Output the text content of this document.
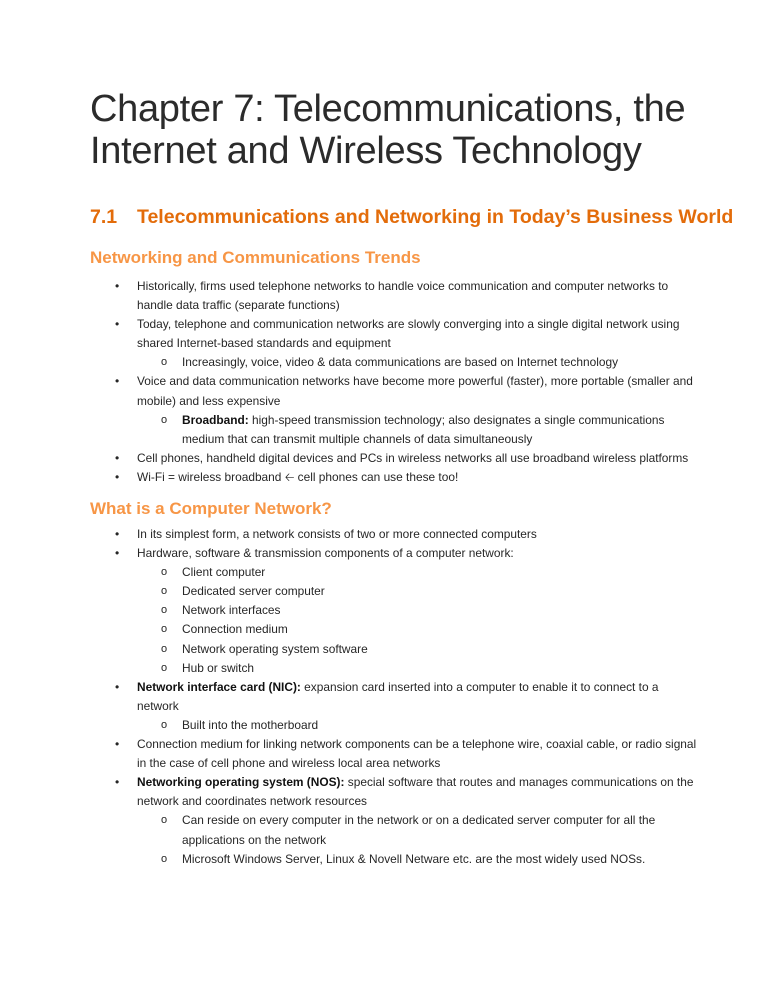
Chapter 7: Telecommunications, the Internet and Wireless Technology
7.1 Telecommunications and Networking in Today’s Business World
Networking and Communications Trends
• Historically, firms used telephone networks to handle voice communication and computer networks to handle data traffic (separate functions)
• Today, telephone and communication networks are slowly converging into a single digital network using shared Internet-based standards and equipment
o Increasingly, voice, video & data communications are based on Internet technology
• Voice and data communication networks have become more powerful (faster), more portable (smaller and mobile) and less expensive
o Broadband: high-speed transmission technology; also designates a single communications medium that can transmit multiple channels of data simultaneously
• Cell phones, handheld digital devices and PCs in wireless networks all use broadband wireless platforms
• Wi-Fi = wireless broadband 🡠 cell phones can use these too!
What is a Computer Network?
• In its simplest form, a network consists of two or more connected computers
• Hardware, software & transmission components of a computer network:
o Client computer
o Dedicated server computer
o Network interfaces
o Connection medium
o Network operating system software
o Hub or switch
• Network interface card (NIC): expansion card inserted into a computer to enable it to connect to a network
o Built into the motherboard
• Connection medium for linking network components can be a telephone wire, coaxial cable, or radio signal in the case of cell phone and wireless local area networks
• Networking operating system (NOS): special software that routes and manages communications on the network and coordinates network resources
o Can reside on every computer in the network or on a dedicated server computer for all the applications on the network
o Microsoft Windows Server, Linux & Novell Netware etc. are the most widely used NOSs.
